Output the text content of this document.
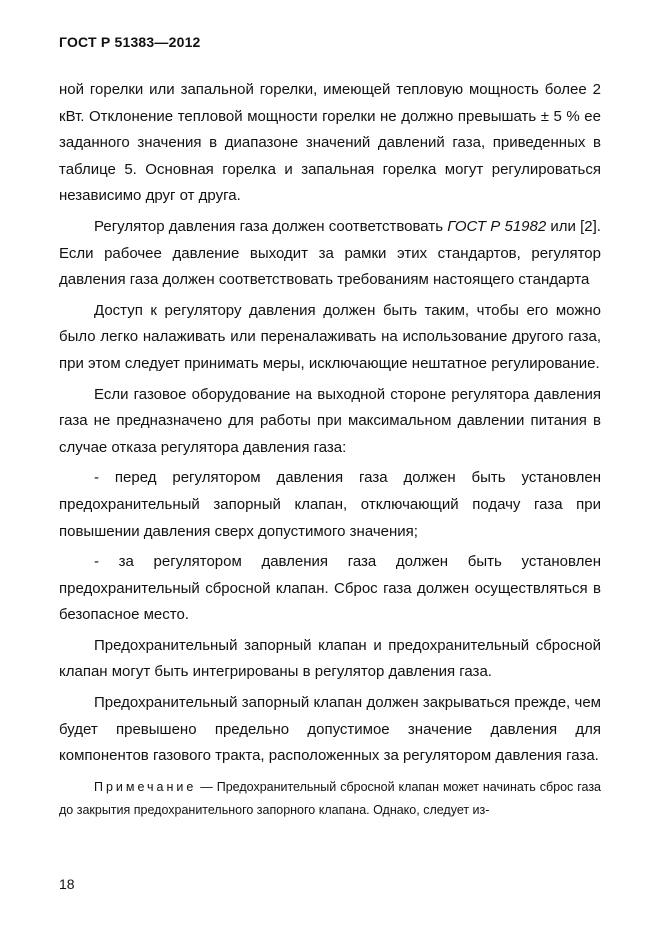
ГОСТ Р 51383—2012

ной горелки или запальной горелки, имеющей тепловую мощность более 2 кВт. Отклонение тепловой мощности горелки не должно превышать ± 5 % ее заданного значения в диапазоне значений давлений газа, приведенных в таблице 5. Основная горелка и запальная горелка могут регулироваться независимо друг от друга.

Регулятор давления газа должен соответствовать ГОСТ Р 51982 или [2]. Если рабочее давление выходит за рамки этих стандартов, регулятор давления газа должен соответствовать требованиям настоящего стандарта

Доступ к регулятору давления должен быть таким, чтобы его можно было легко налаживать или переналаживать на использование другого газа, при этом следует принимать меры, исключающие нештатное регулирование.

Если газовое оборудование на выходной стороне регулятора давления газа не предназначено для работы при максимальном давлении питания в случае отказа регулятора давления газа:

- перед регулятором давления газа должен быть установлен предохранительный запорный клапан, отключающий подачу газа при повышении давления сверх допустимого значения;

- за регулятором давления газа должен быть установлен предохранительный сбросной клапан. Сброс газа должен осуществляться в безопасное место.

Предохранительный запорный клапан и предохранительный сбросной клапан могут быть интегрированы в регулятор давления газа.

Предохранительный запорный клапан должен закрываться прежде, чем будет превышено предельно допустимое значение давления для компонентов газового тракта, расположенных за регулятором давления газа.

Примечание — Предохранительный сбросной клапан может начинать сброс газа до закрытия предохранительного запорного клапана. Однако, следует из-

18
